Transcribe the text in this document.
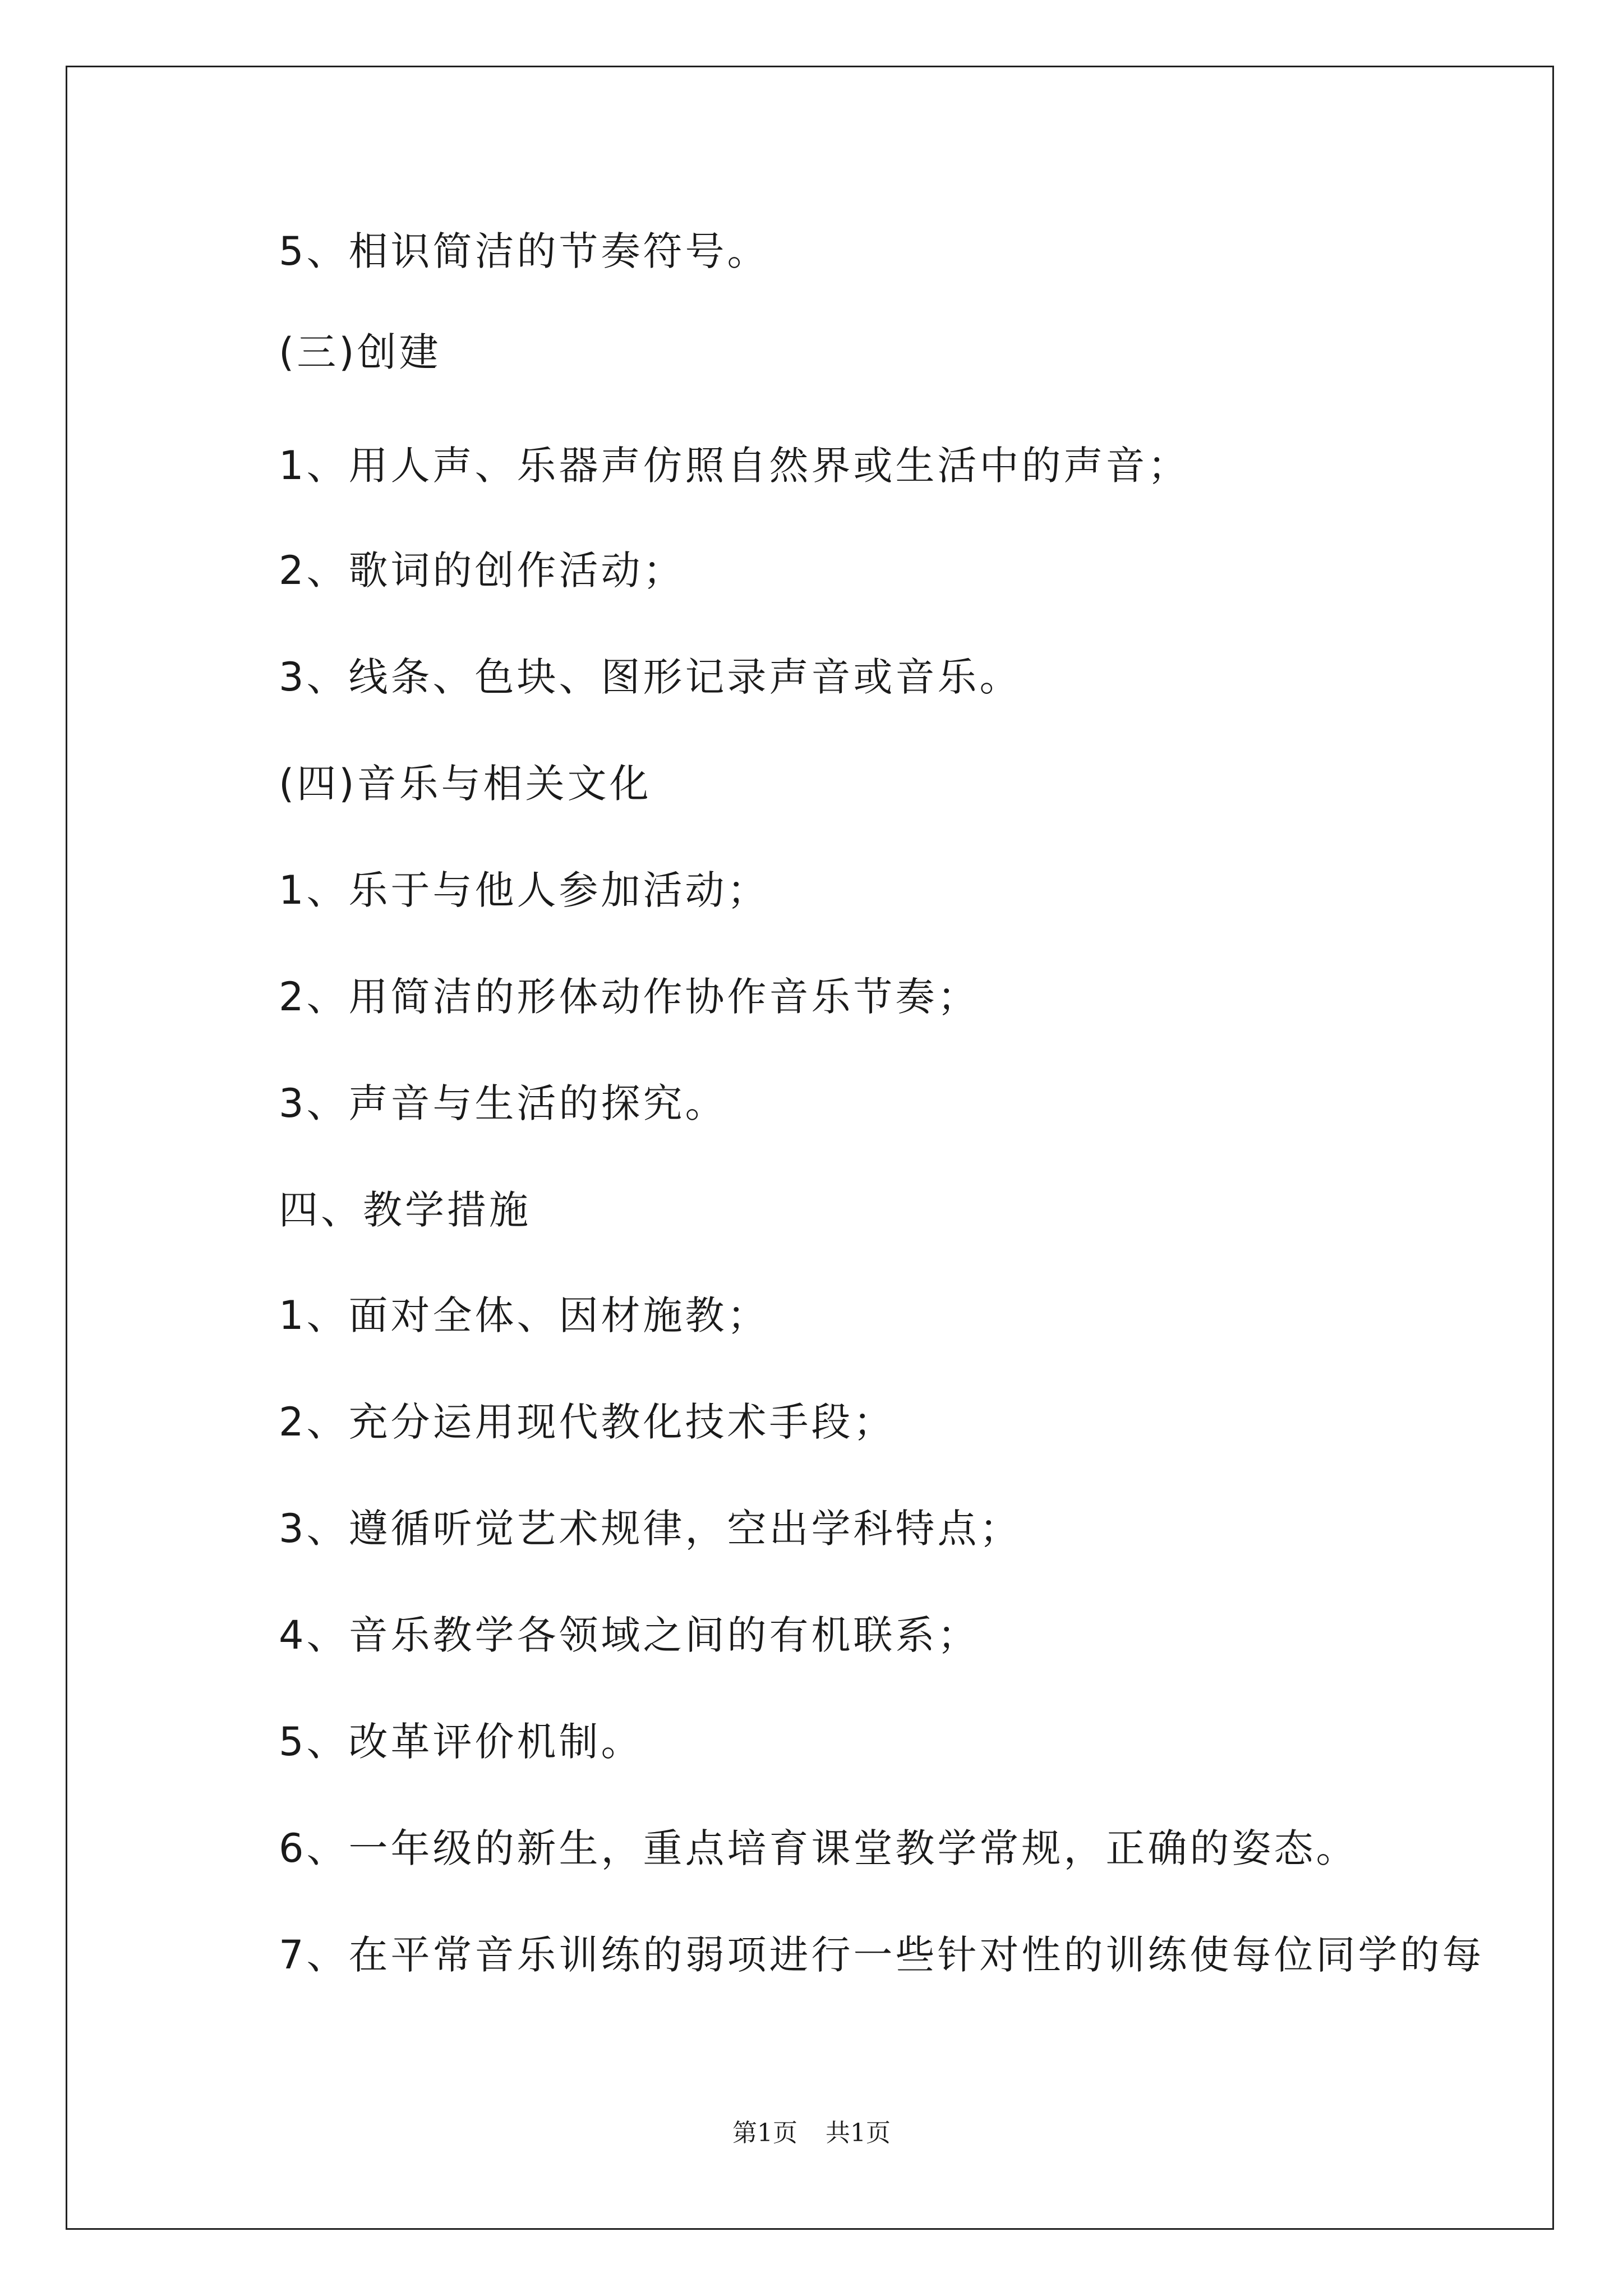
5、相识简洁的节奏符号。
(三)创建
1、用人声、乐器声仿照自然界或生活中的声音；
2、歌词的创作活动；
3、线条、色块、图形记录声音或音乐。
(四)音乐与相关文化
1、乐于与他人参加活动；
2、用简洁的形体动作协作音乐节奏；
3、声音与生活的探究。
四、教学措施
1、面对全体、因材施教；
2、充分运用现代教化技术手段；
3、遵循听觉艺术规律，空出学科特点；
4、音乐教学各领域之间的有机联系；
5、改革评价机制。
6、一年级的新生，重点培育课堂教学常规，正确的姿态。
7、在平常音乐训练的弱项进行一些针对性的训练使每位同学的每
第1页 共1页
